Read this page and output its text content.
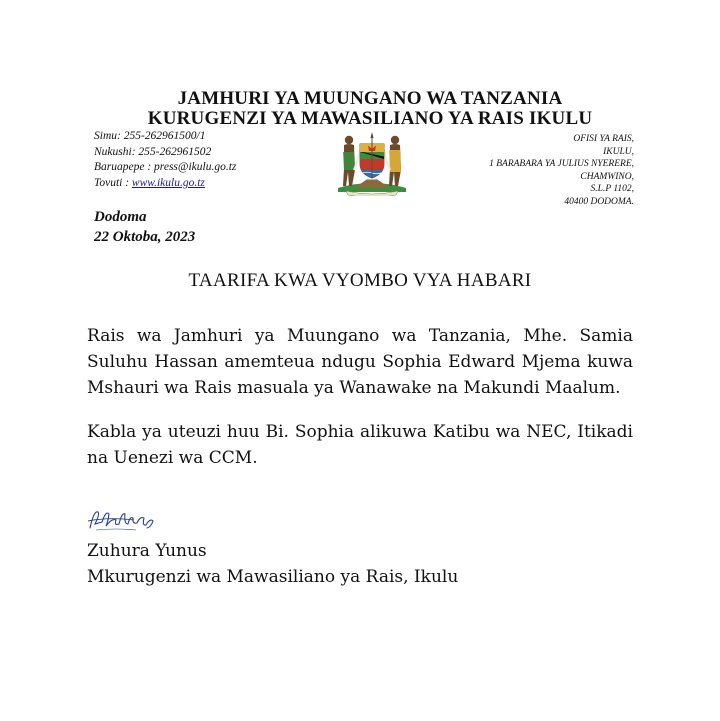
JAMHURI YA MUUNGANO WA TANZANIA
KURUGENZI YA MAWASILIANO YA RAIS IKULU
Simu: 255-262961500/1
Nukushi: 255-262961502
Baruapepe : press@ikulu.go.tz
Tovuti : www.ikulu.go.tz
OFISI YA RAIS,
IKULU,
1 BARABARA YA JULIUS NYERERE,
CHAMWINO,
S.L.P 1102,
40400 DODOMA.
Dodoma
22 Oktoba, 2023
TAARIFA KWA VYOMBO VYA HABARI

Rais wa Jamhuri ya Muungano wa Tanzania, Mhe. Samia Suluhu Hassan amemteua ndugu Sophia Edward Mjema kuwa Mshauri wa Rais masuala ya Wanawake na Makundi Maalum.

Kabla ya uteuzi huu Bi. Sophia alikuwa Katibu wa NEC, Itikadi na Uenezi wa CCM.

Zuhura Yunus
Mkurugenzi wa Mawasiliano ya Rais, Ikulu
